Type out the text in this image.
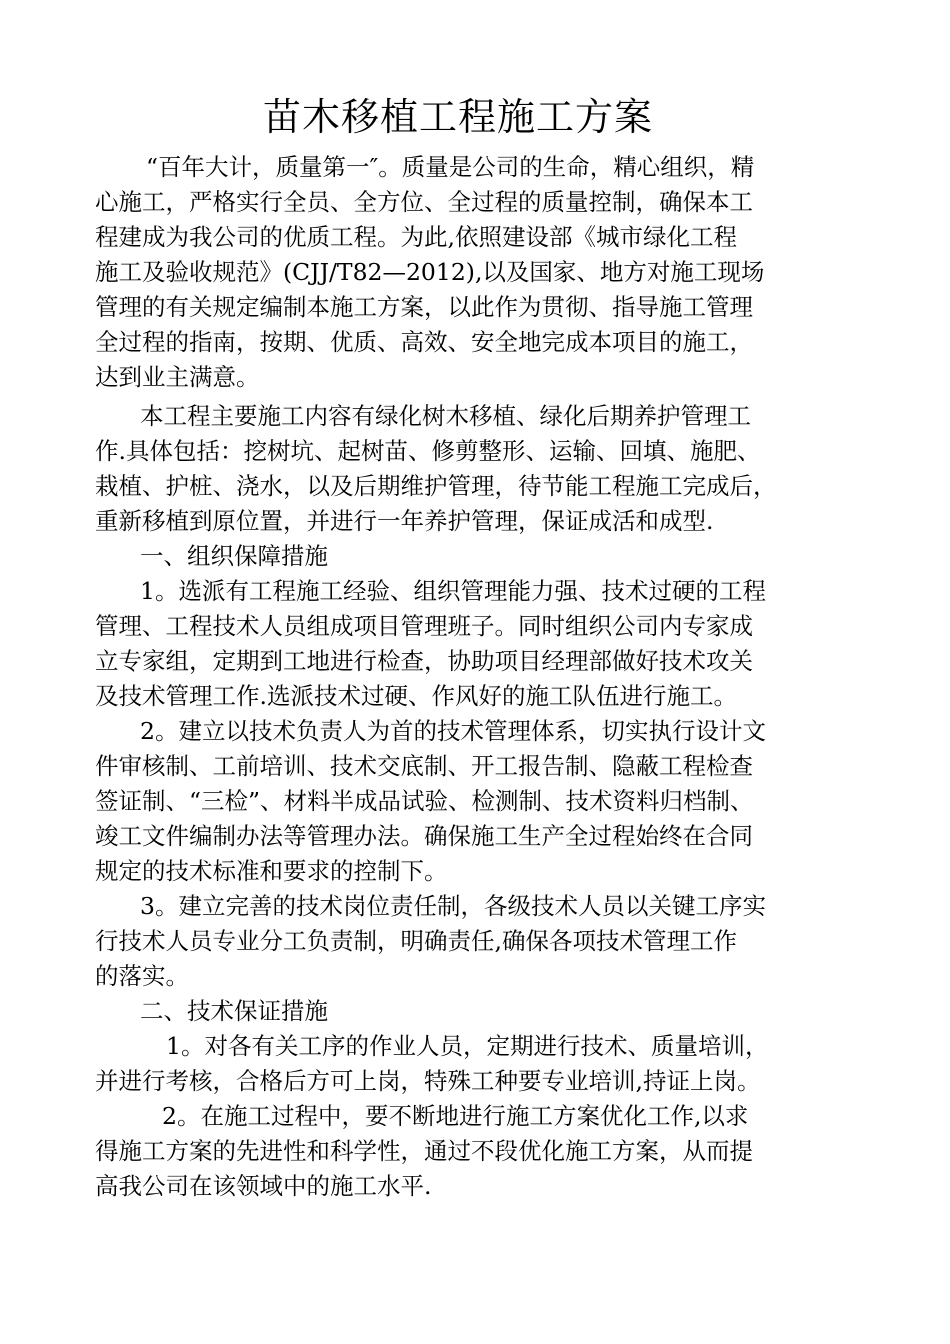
苗木移植工程施工方案
“百年大计，质量第一″。质量是公司的生命，精心组织，精
心施工，严格实行全员、全方位、全过程的质量控制，确保本工
程建成为我公司的优质工程。为此,依照建设部《城市绿化工程
施工及验收规范》(CJJ/T82—2012),以及国家、地方对施工现场
管理的有关规定编制本施工方案，以此作为贯彻、指导施工管理
全过程的指南，按期、优质、高效、安全地完成本项目的施工，
达到业主满意。
本工程主要施工内容有绿化树木移植、绿化后期养护管理工
作.具体包括：挖树坑、起树苗、修剪整形、运输、回填、施肥、
栽植、护桩、浇水，以及后期维护管理，待节能工程施工完成后，
重新移植到原位置，并进行一年养护管理，保证成活和成型.
一、组织保障措施
1。选派有工程施工经验、组织管理能力强、技术过硬的工程
管理、工程技术人员组成项目管理班子。同时组织公司内专家成
立专家组，定期到工地进行检查，协助项目经理部做好技术攻关
及技术管理工作.选派技术过硬、作风好的施工队伍进行施工。
2。建立以技术负责人为首的技术管理体系，切实执行设计文
件审核制、工前培训、技术交底制、开工报告制、隐蔽工程检查
签证制、“三检”、材料半成品试验、检测制、技术资料归档制、
竣工文件编制办法等管理办法。确保施工生产全过程始终在合同
规定的技术标准和要求的控制下。
3。建立完善的技术岗位责任制，各级技术人员以关键工序实
行技术人员专业分工负责制，明确责任,确保各项技术管理工作
的落实。
二、技术保证措施
1。对各有关工序的作业人员，定期进行技术、质量培训，
并进行考核，合格后方可上岗，特殊工种要专业培训,持证上岗。
2。在施工过程中，要不断地进行施工方案优化工作,以求
得施工方案的先进性和科学性，通过不段优化施工方案，从而提
高我公司在该领域中的施工水平.
